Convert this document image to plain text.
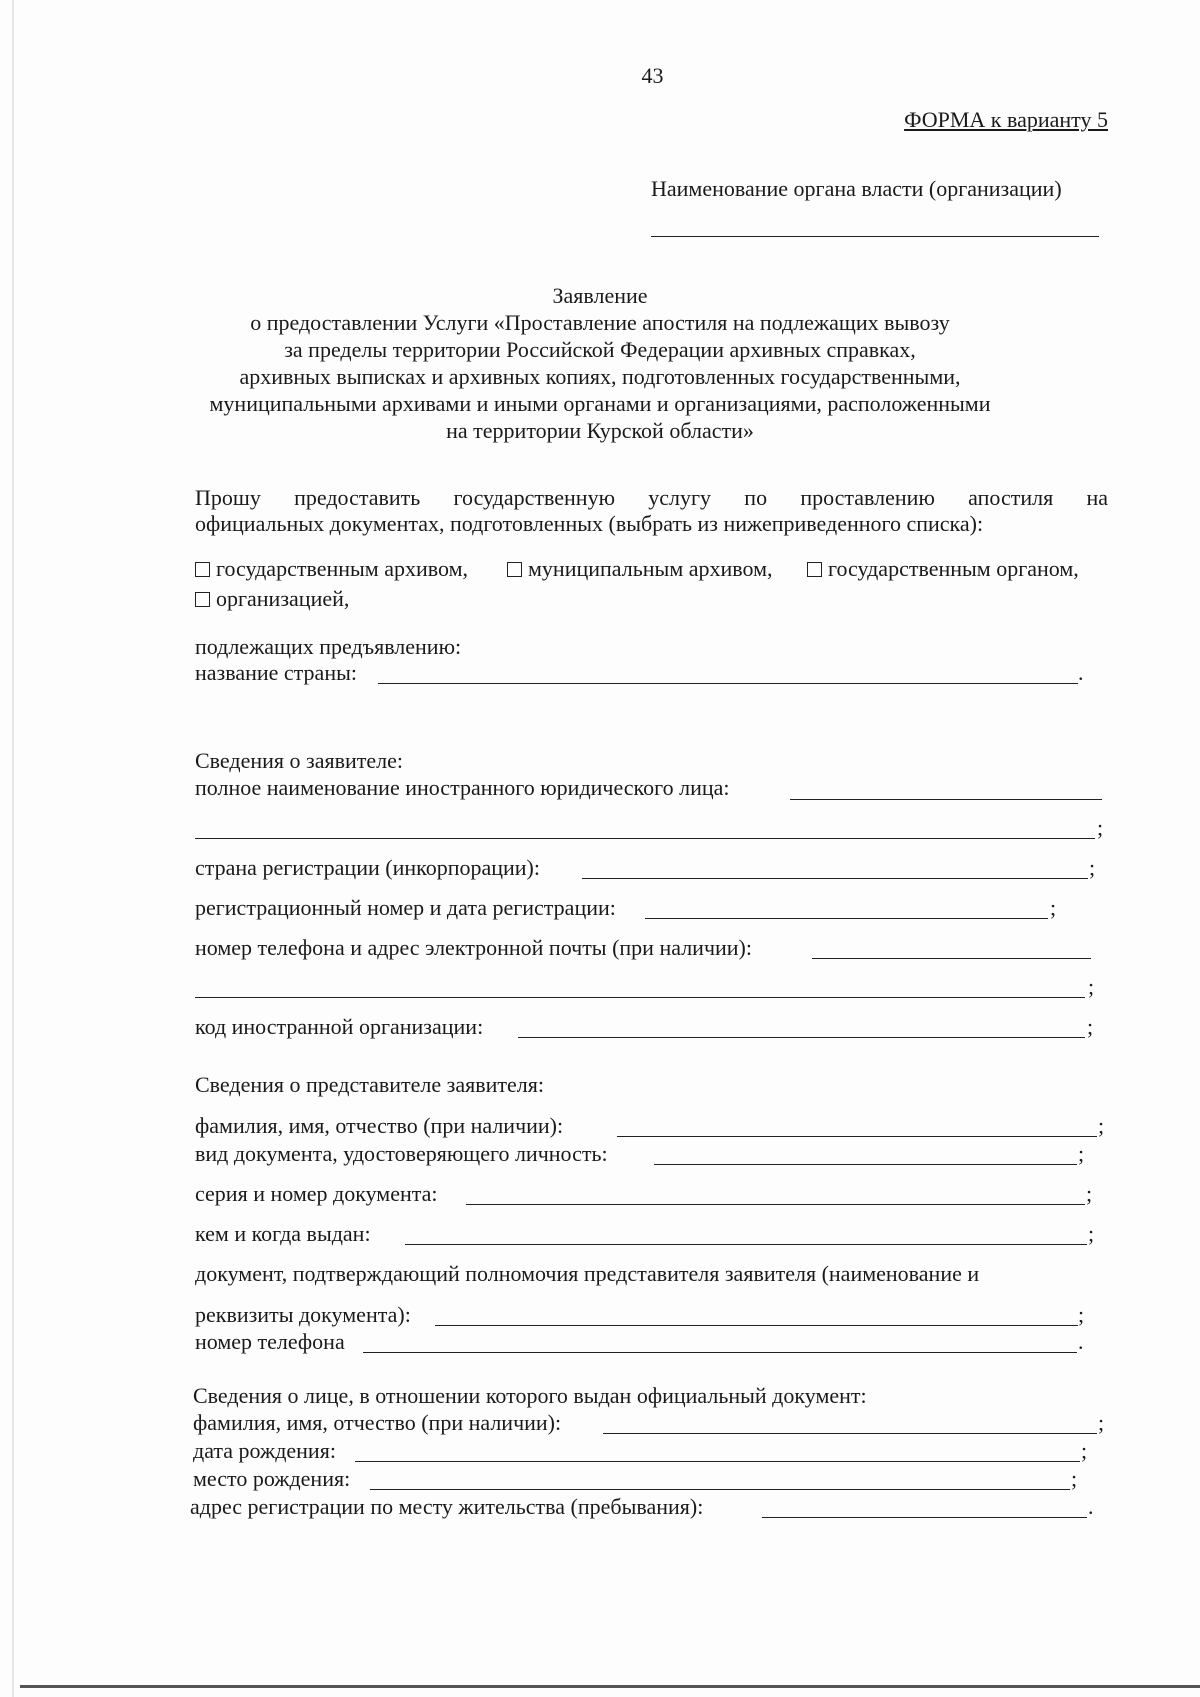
43
ФОРМА к варианту 5
Наименование органа власти (организации)
Заявление
о предоставлении Услуги «Проставление апостиля на подлежащих вывозу
за пределы территории Российской Федерации архивных справках,
архивных выписках и архивных копиях, подготовленных государственными,
муниципальными архивами и иными органами и организациями, расположенными
на территории Курской области»
Прошу предоставить государственную услугу по проставлению апостиля на
официальных документах, подготовленных (выбрать из нижеприведенного списка):
государственным архивом,	муниципальным архивом,	государственным органом,
организацией,
подлежащих предъявлению:
название страны:	.
Сведения о заявителе:
полное наименование иностранного юридического лица:
;
страна регистрации (инкорпорации):	;
регистрационный номер и дата регистрации:	;
номер телефона и адрес электронной почты (при наличии):
;
код иностранной организации:	;
Сведения о представителе заявителя:
фамилия, имя, отчество (при наличии):	;
вид документа, удостоверяющего личность:	;
серия и номер документа:	;
кем и когда выдан:	;
документ, подтверждающий полномочия представителя заявителя (наименование и
реквизиты документа):	;
номер телефона	.
Сведения о лице, в отношении которого выдан официальный документ:
фамилия, имя, отчество (при наличии):	;
дата рождения:	;
место рождения:	;
адрес регистрации по месту жительства (пребывания):	.
